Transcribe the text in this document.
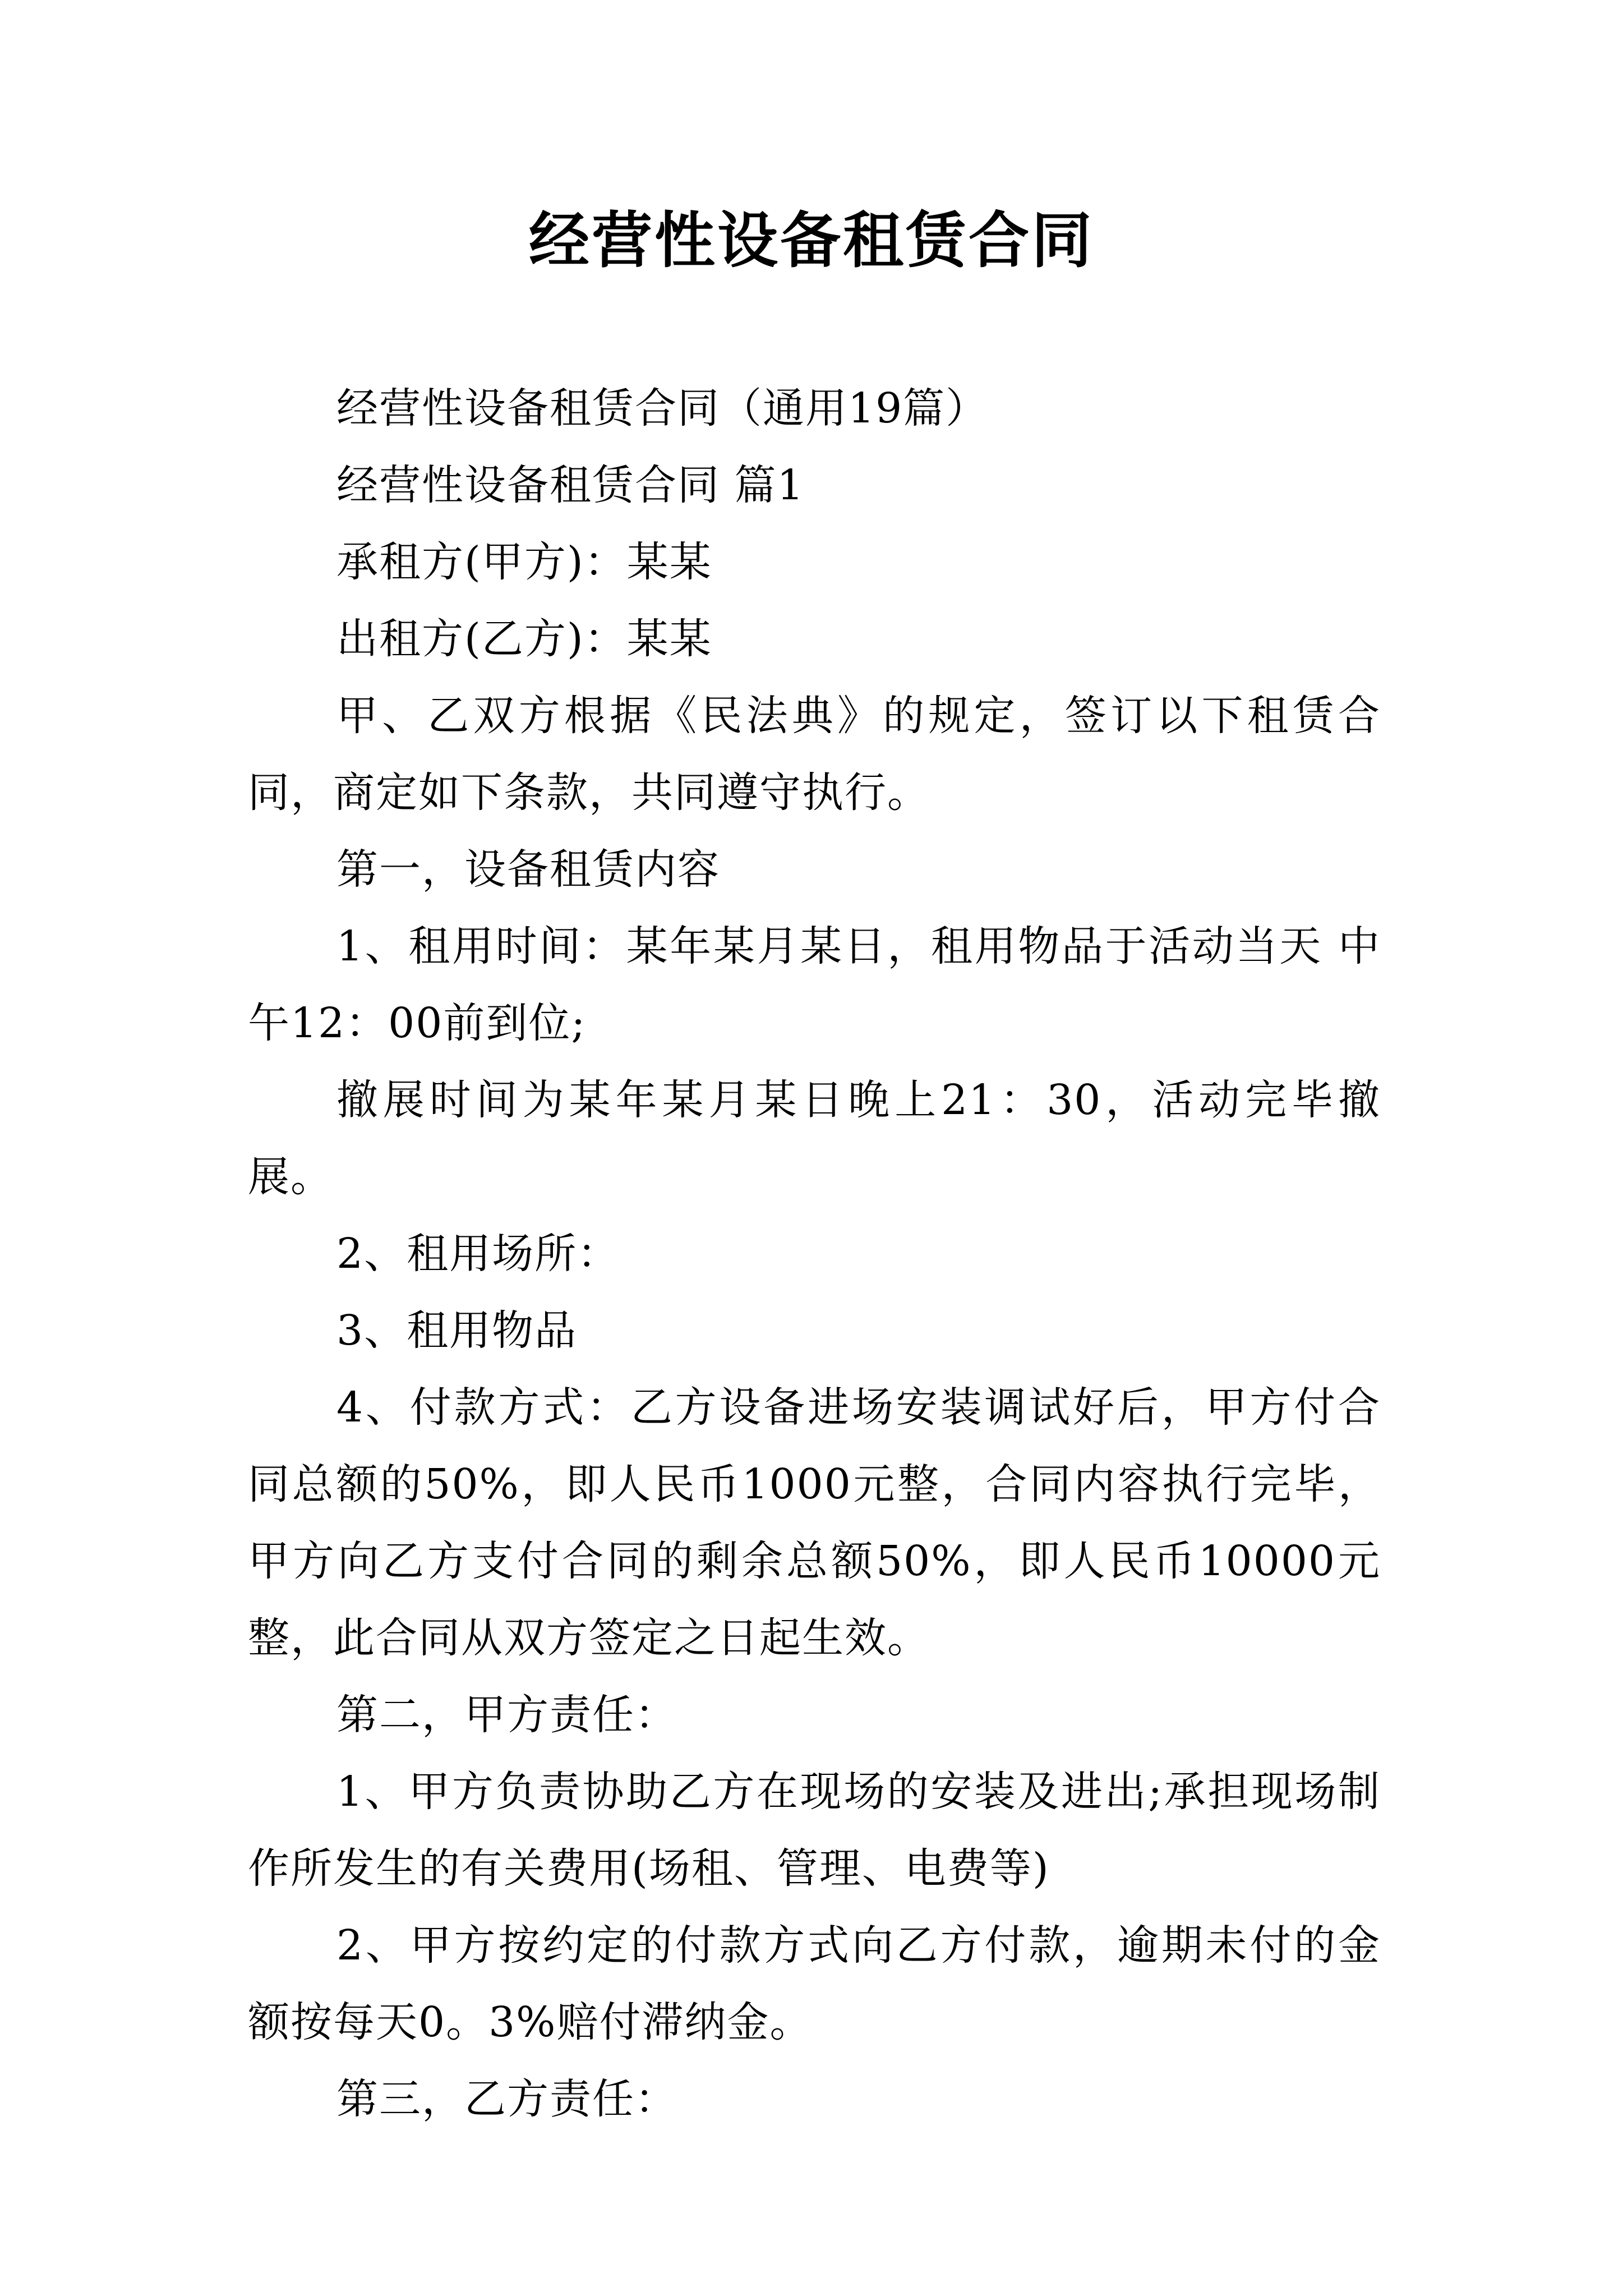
经营性设备租赁合同

经营性设备租赁合同（通用19篇）

经营性设备租赁合同 篇1

承租方(甲方)：某某

出租方(乙方)：某某

甲、乙双方根据《民法典》的规定，签订以下租赁合同，商定如下条款，共同遵守执行。

第一，设备租赁内容

1、租用时间：某年某月某日，租用物品于活动当天 中午12：00前到位;

撤展时间为某年某月某日晚上21：30，活动完毕撤展。

2、租用场所：

3、租用物品

4、付款方式：乙方设备进场安装调试好后，甲方付合同总额的50%，即人民币1000元整，合同内容执行完毕，甲方向乙方支付合同的剩余总额50%，即人民币10000元整，此合同从双方签定之日起生效。

第二，甲方责任：

1、甲方负责协助乙方在现场的安装及进出;承担现场制作所发生的有关费用(场租、管理、电费等)

2、甲方按约定的付款方式向乙方付款，逾期未付的金额按每天0。3%赔付滞纳金。

第三，乙方责任：
